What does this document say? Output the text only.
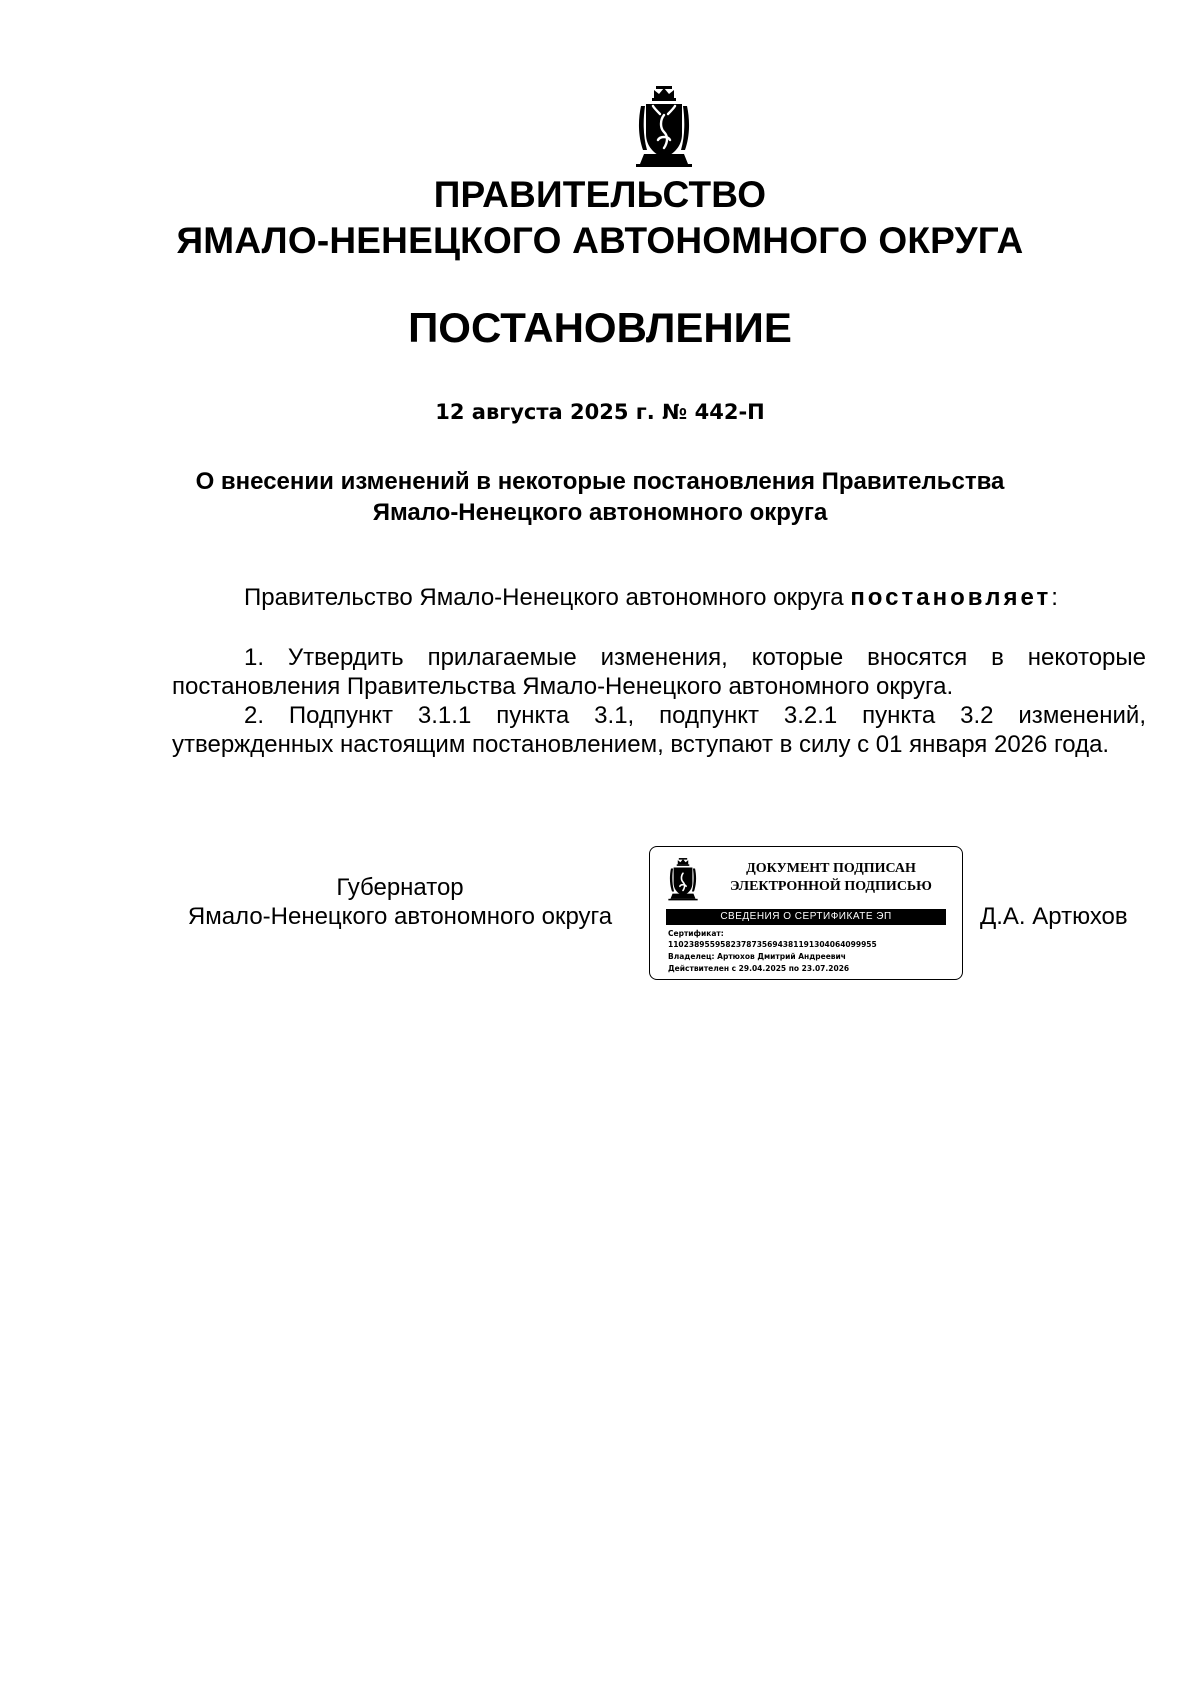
ПРАВИТЕЛЬСТВО
ЯМАЛО-НЕНЕЦКОГО АВТОНОМНОГО ОКРУГА
ПОСТАНОВЛЕНИЕ
12 августа 2025 г. № 442-П
О внесении изменений в некоторые постановления Правительства
Ямало-Ненецкого автономного округа
Правительство Ямало-Ненецкого автономного округа постановляет:
1. Утвердить прилагаемые изменения, которые вносятся в некоторые постановления Правительства Ямало-Ненецкого автономного округа.
2. Подпункт 3.1.1 пункта 3.1, подпункт 3.2.1 пункта 3.2 изменений, утвержденных настоящим постановлением, вступают в силу с 01 января 2026 года.
Губернатор
Ямало-Ненецкого автономного округа
ДОКУМЕНТ ПОДПИСАН
ЭЛЕКТРОННОЙ ПОДПИСЬЮ
СВЕДЕНИЯ О СЕРТИФИКАТЕ ЭП
Сертификат:
1102389559582378735694381191304064099955
Владелец: Артюхов Дмитрий Андреевич
Действителен с 29.04.2025 по 23.07.2026
Д.А. Артюхов
